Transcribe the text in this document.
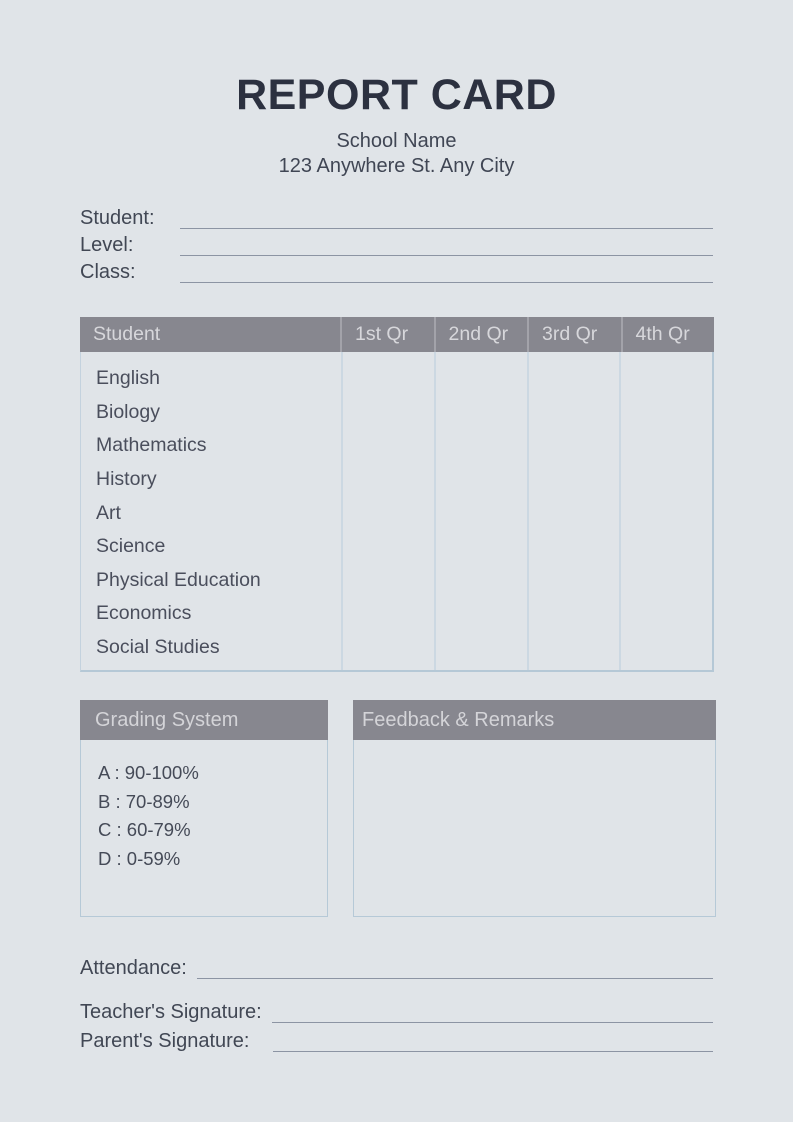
REPORT CARD
School Name
123 Anywhere St. Any City
Student:
Level:
Class:
Student	1st Qr	2nd Qr	3rd Qr	4th Qr
English
Biology
Mathematics
History
Art
Science
Physical Education
Economics
Social Studies
Grading System
A : 90-100%
B : 70-89%
C : 60-79%
D : 0-59%
Feedback & Remarks
Attendance:
Teacher's Signature:
Parent's Signature:
